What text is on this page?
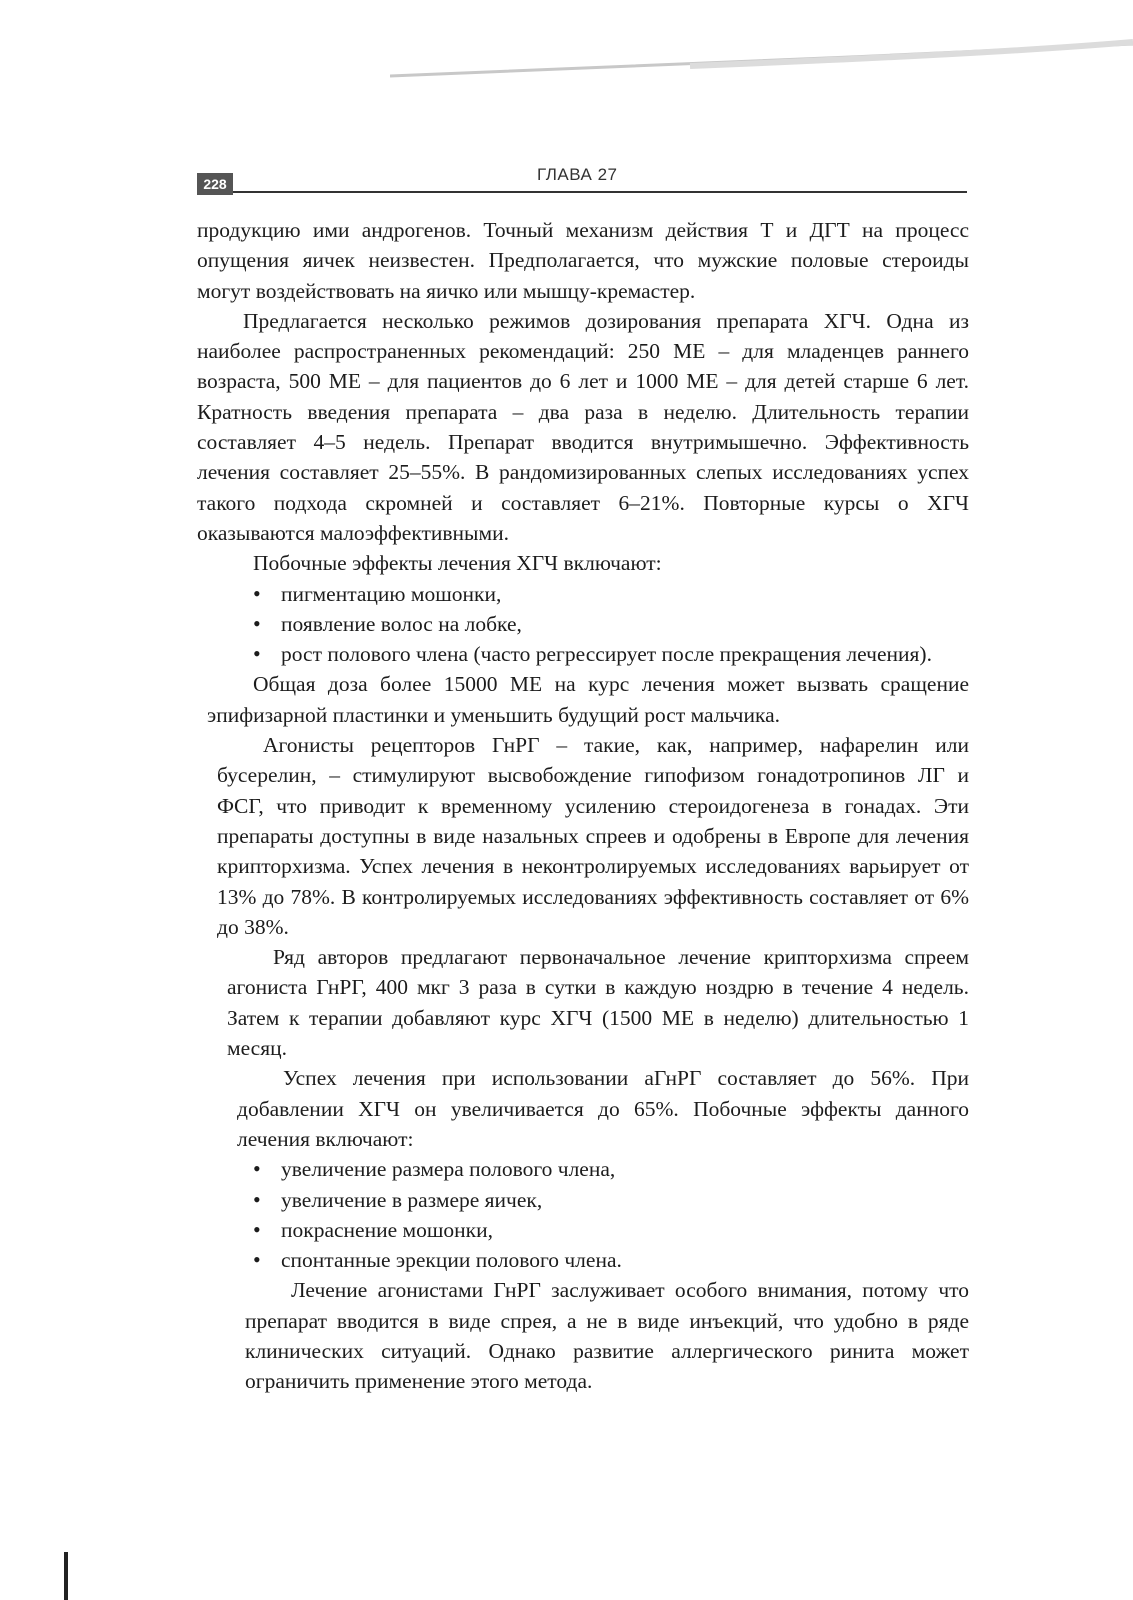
228	ГЛАВА 27

продукцию ими андрогенов. Точный механизм действия Т и ДГТ на процесс опущения яичек неизвестен. Предполагается, что мужские половые стероиды могут воздействовать на яичко или мышцу-кремастер.

Предлагается несколько режимов дозирования препарата ХГЧ. Одна из наиболее распространенных рекомендаций: 250 МЕ – для младенцев раннего возраста, 500 МЕ – для пациентов до 6 лет и 1000 МЕ – для детей старше 6 лет. Кратность введения препарата – два раза в неделю. Длительность терапии составляет 4–5 недель. Препарат вводится внутримышечно. Эффективность лечения составляет 25–55%. В рандомизированных слепых исследованиях успех такого подхода скромней и составляет 6–21%. Повторные курсы о ХГЧ оказываются малоэффективными.

Побочные эффекты лечения ХГЧ включают:

• пигментацию мошонки,
• появление волос на лобке,
• рост полового члена (часто регрессирует после прекращения лечения).

Общая доза более 15000 МЕ на курс лечения может вызвать сращение эпифизарной пластинки и уменьшить будущий рост мальчика.

Агонисты рецепторов ГнРГ – такие, как, например, нафарелин или бусерелин, – стимулируют высвобождение гипофизом гонадотропинов ЛГ и ФСГ, что приводит к временному усилению стероидогенеза в гонадах. Эти препараты доступны в виде назальных спреев и одобрены в Европе для лечения крипторхизма. Успех лечения в неконтролируемых исследованиях варьирует от 13% до 78%. В контролируемых исследованиях эффективность составляет от 6% до 38%.

Ряд авторов предлагают первоначальное лечение крипторхизма спреем агониста ГнРГ, 400 мкг 3 раза в сутки в каждую ноздрю в течение 4 недель. Затем к терапии добавляют курс ХГЧ (1500 МЕ в неделю) длительностью 1 месяц.

Успех лечения при использовании аГнРГ составляет до 56%. При добавлении ХГЧ он увеличивается до 65%. Побочные эффекты данного лечения включают:

• увеличение размера полового члена,
• увеличение в размере яичек,
• покраснение мошонки,
• спонтанные эрекции полового члена.

Лечение агонистами ГнРГ заслуживает особого внимания, потому что препарат вводится в виде спрея, а не в виде инъекций, что удобно в ряде клинических ситуаций. Однако развитие аллергического ринита может ограничить применение этого метода.
